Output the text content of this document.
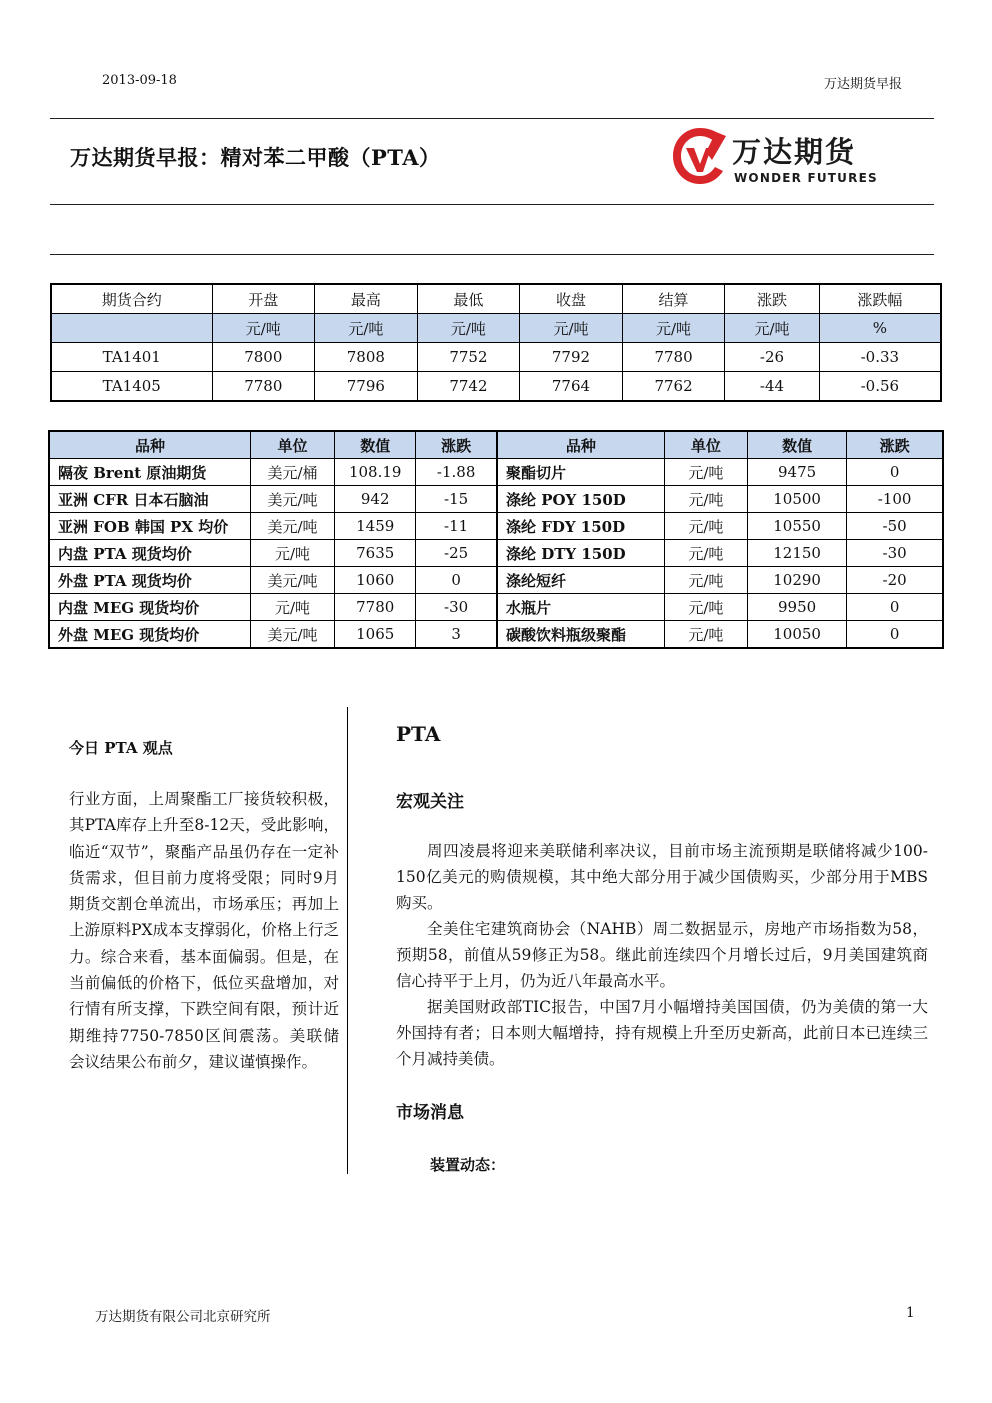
2013-09-18	万达期货早报
万达期货早报：精对苯二甲酸（PTA）	万达期货
WONDER FUTURES
期货合约	开盘	最高	最低	收盘	结算	涨跌	涨跌幅
	元/吨	元/吨	元/吨	元/吨	元/吨	元/吨	%
TA1401	7800	7808	7752	7792	7780	-26	-0.33
TA1405	7780	7796	7742	7764	7762	-44	-0.56
品种	单位	数值	涨跌	品种	单位	数值	涨跌
隔夜 Brent 原油期货	美元/桶	108.19	-1.88	聚酯切片	元/吨	9475	0
亚洲 CFR 日本石脑油	美元/吨	942	-15	涤纶 POY 150D	元/吨	10500	-100
亚洲 FOB 韩国 PX 均价	美元/吨	1459	-11	涤纶 FDY 150D	元/吨	10550	-50
内盘 PTA 现货均价	元/吨	7635	-25	涤纶 DTY 150D	元/吨	12150	-30
外盘 PTA 现货均价	美元/吨	1060	0	涤纶短纤	元/吨	10290	-20
内盘 MEG 现货均价	元/吨	7780	-30	水瓶片	元/吨	9950	0
外盘 MEG 现货均价	美元/吨	1065	3	碳酸饮料瓶级聚酯	元/吨	10050	0
今日 PTA 观点
行业方面，上周聚酯工厂接货较积极，其PTA库存上升至8-12天，受此影响，临近“双节”，聚酯产品虽仍存在一定补货需求，但目前力度将受限；同时9月期货交割仓单流出，市场承压；再加上上游原料PX成本支撑弱化，价格上行乏力。综合来看，基本面偏弱。但是，在当前偏低的价格下，低位买盘增加，对行情有所支撑，下跌空间有限，预计近期维持7750-7850区间震荡。美联储会议结果公布前夕，建议谨慎操作。
PTA
宏观关注

周四凌晨将迎来美联储利率决议，目前市场主流预期是联储将减少100-150亿美元的购债规模，其中绝大部分用于减少国债购买，少部分用于MBS购买。

全美住宅建筑商协会（NAHB）周二数据显示，房地产市场指数为58，预期58，前值从59修正为58。继此前连续四个月增长过后，9月美国建筑商信心持平于上月，仍为近八年最高水平。

据美国财政部TIC报告，中国7月小幅增持美国国债，仍为美债的第一大外国持有者；日本则大幅增持，持有规模上升至历史新高，此前日本已连续三个月减持美债。

市场消息
装置动态：
万达期货有限公司北京研究所	1
